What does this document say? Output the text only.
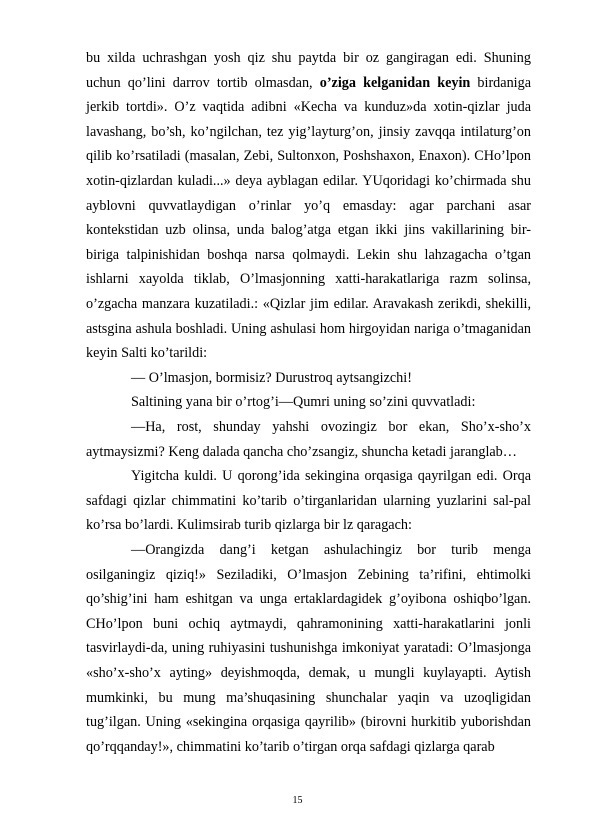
bu xilda uchrashgan yosh qiz shu paytda bir oz gangiragan edi. Shuning uchun qo’lini darrov tortib olmasdan, o’ziga kelganidan keyin birdaniga jerkib tortdi». O’z vaqtida adibni «Kecha va kunduz»da xotin-qizlar juda lavashang, bo’sh, ko’ngilchan, tez yig’layturg’on, jinsiy zavqqa intilaturg’on qilib ko’rsatiladi (masalan, Zebi, Sultonxon, Poshshaxon, Enaxon). CHo’lpon xotin-qizlardan kuladi...» deya ayblagan edilar. YUqoridagi ko’chirmada shu ayblovni quvvatlaydigan o’rinlar yo’q emasday: agar parchani asar kontekstidan uzb olinsa, unda balog’atga etgan ikki jins vakillarining bir-biriga talpinishidan boshqa narsa qolmaydi. Lekin shu lahzagacha o’tgan ishlarni xayolda tiklab, O’lmasjonning xatti-harakatlariga razm solinsa, o’zgacha manzara kuzatiladi.: «Qizlar jim edilar. Aravakash zerikdi, shekilli, astsgina ashula boshladi. Uning ashulasi hom hirgoyidan nariga o’tmaganidan keyin Salti ko’tarildi:

— O’lmasjon, bormisiz? Durustroq aytsangizchi!

Saltining yana bir o’rtog’i—Qumri uning so’zini quvvatladi:

—Ha, rost, shunday yahshi ovozingiz bor ekan, Sho’x-sho’x aytmaysizmi? Keng dalada qancha cho’zsangiz, shuncha ketadi jaranglab…

Yigitcha kuldi. U qorong’ida sekingina orqasiga qayrilgan edi. Orqa safdagi qizlar chimmatini ko’tarib o’tirganlaridan ularning yuzlarini sal-pal ko’rsa bo’lardi. Kulimsirab turib qizlarga bir lz qaragach:

—Orangizda dang’i ketgan ashulachingiz bor turib menga osilganingiz qiziq!» Seziladiki, O’lmasjon Zebining ta’rifini, ehtimolki qo’shig’ini ham eshitgan va unga ertaklardagidek g’oyibona oshiqbo’lgan. CHo’lpon buni ochiq aytmaydi, qahramonining xatti-harakatlarini jonli tasvirlaydi-da, uning ruhiyasini tushunishga imkoniyat yaratadi: O’lmasjonga «sho’x-sho’x ayting» deyishmoqda, demak, u mungli kuylayapti. Aytish mumkinki, bu mung ma’shuqasining shunchalar yaqin va uzoqligidan tug’ilgan. Uning «sekingina orqasiga qayrilib» (birovni hurkitib yuborishdan qo’rqqanday!», chimmatini ko’tarib o’tirgan orqa safdagi qizlarga qarab

15
